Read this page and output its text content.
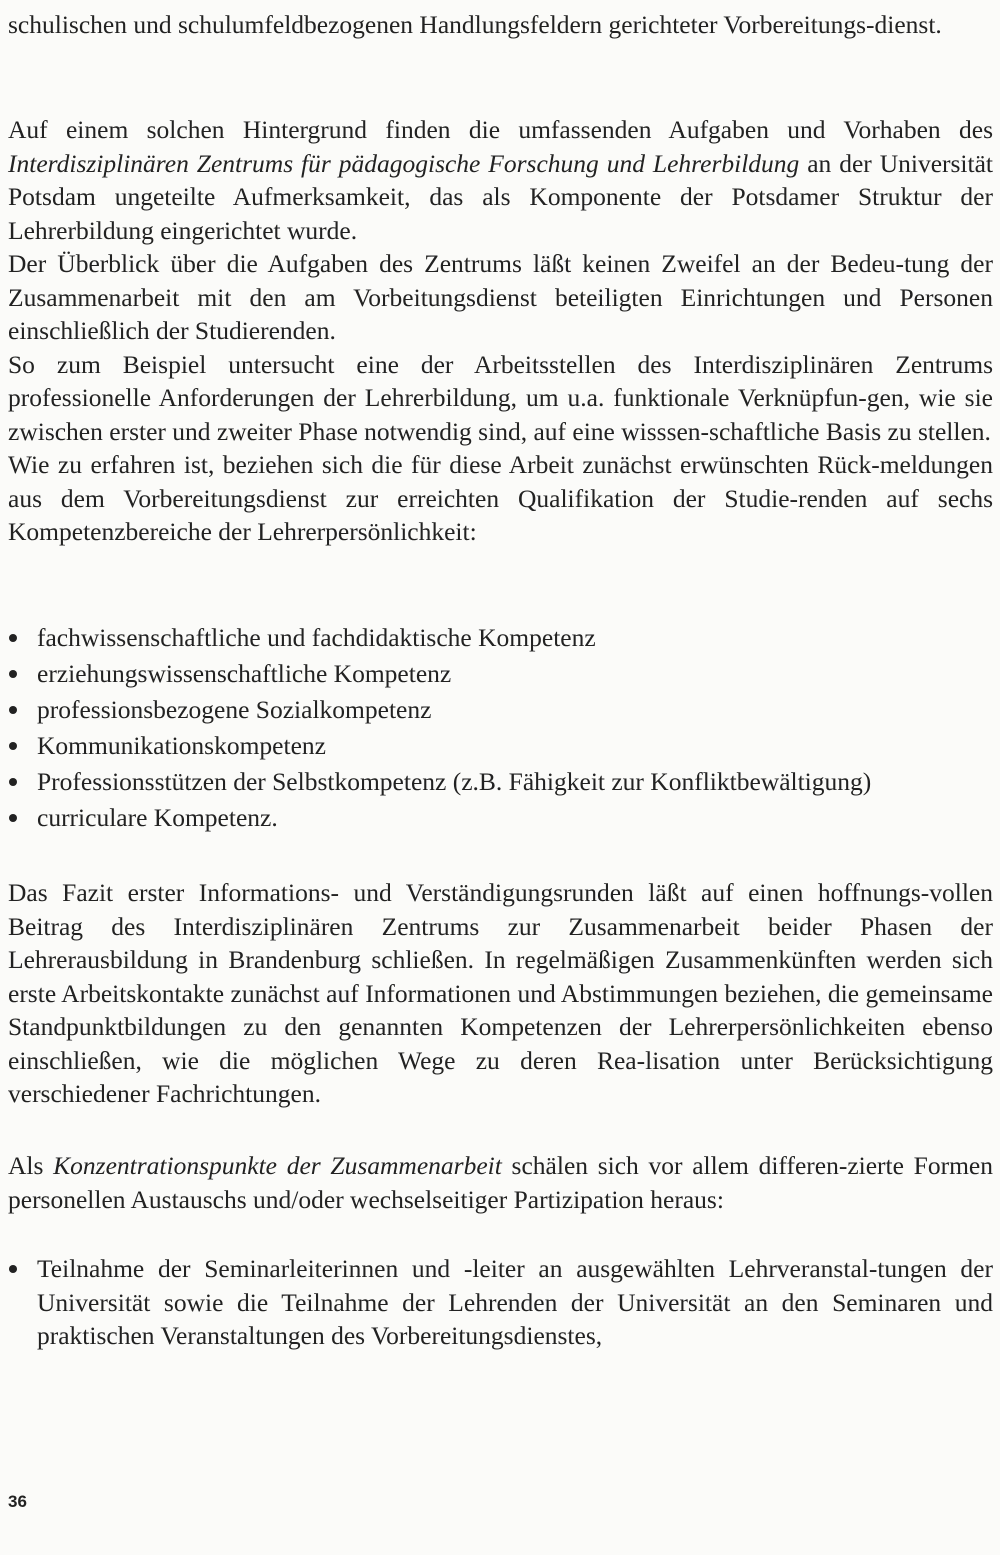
schulischen und schulumfeldbezogenen Handlungsfeldern gerichteter Vorbereitungs-dienst.

Auf einem solchen Hintergrund finden die umfassenden Aufgaben und Vorhaben des Interdisziplinären Zentrums für pädagogische Forschung und Lehrerbildung an der Universität Potsdam ungeteilte Aufmerksamkeit, das als Komponente der Potsdamer Struktur der Lehrerbildung eingerichtet wurde.

Der Überblick über die Aufgaben des Zentrums läßt keinen Zweifel an der Bedeu-tung der Zusammenarbeit mit den am Vorbeitungsdienst beteiligten Einrichtungen und Personen einschließlich der Studierenden.

So zum Beispiel untersucht eine der Arbeitsstellen des Interdisziplinären Zentrums professionelle Anforderungen der Lehrerbildung, um u.a. funktionale Verknüpfun-gen, wie sie zwischen erster und zweiter Phase notwendig sind, auf eine wisssen-schaftliche Basis zu stellen.

Wie zu erfahren ist, beziehen sich die für diese Arbeit zunächst erwünschten Rück-meldungen aus dem Vorbereitungsdienst zur erreichten Qualifikation der Studie-renden auf sechs Kompetenzbereiche der Lehrerpersönlichkeit:

fachwissenschaftliche und fachdidaktische Kompetenz
erziehungswissenschaftliche Kompetenz
professionsbezogene Sozialkompetenz
Kommunikationskompetenz
Professionsstützen der Selbstkompetenz (z.B. Fähigkeit zur Konfliktbewältigung)
curriculare Kompetenz.

Das Fazit erster Informations- und Verständigungsrunden läßt auf einen hoffnungs-vollen Beitrag des Interdisziplinären Zentrums zur Zusammenarbeit beider Phasen der Lehrerausbildung in Brandenburg schließen. In regelmäßigen Zusammenkünften werden sich erste Arbeitskontakte zunächst auf Informationen und Abstimmungen beziehen, die gemeinsame Standpunktbildungen zu den genannten Kompetenzen der Lehrerpersönlichkeiten ebenso einschließen, wie die möglichen Wege zu deren Rea-lisation unter Berücksichtigung verschiedener Fachrichtungen.

Als Konzentrationspunkte der Zusammenarbeit schälen sich vor allem differen-zierte Formen personellen Austauschs und/oder wechselseitiger Partizipation heraus:

Teilnahme der Seminarleiterinnen und -leiter an ausgewählten Lehrveranstal-tungen der Universität sowie die Teilnahme der Lehrenden der Universität an den Seminaren und praktischen Veranstaltungen des Vorbereitungsdienstes,
36
